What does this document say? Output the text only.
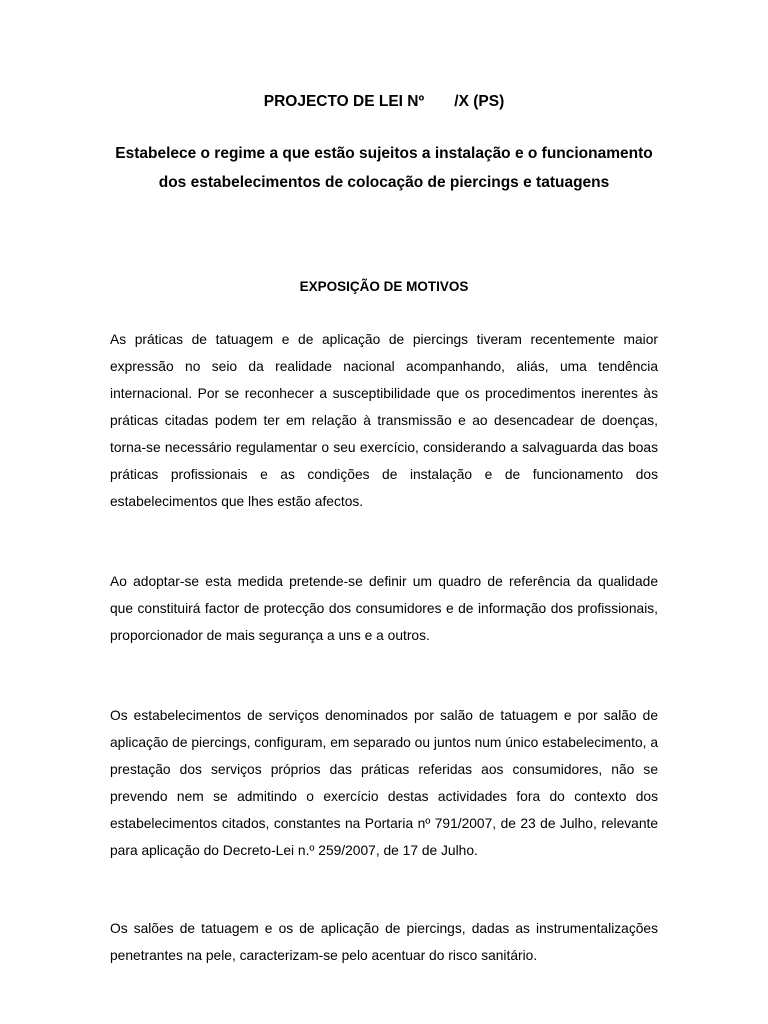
PROJECTO DE LEI Nº       /X (PS)
Estabelece o regime a que estão sujeitos a instalação e o funcionamento dos estabelecimentos de colocação de piercings e tatuagens
EXPOSIÇÃO DE MOTIVOS

As práticas de tatuagem e de aplicação de piercings tiveram recentemente maior expressão no seio da realidade nacional acompanhando, aliás, uma tendência internacional. Por se reconhecer a susceptibilidade que os procedimentos inerentes às práticas citadas podem ter em relação à transmissão e ao desencadear de doenças, torna-se necessário regulamentar o seu exercício, considerando a salvaguarda das boas práticas profissionais e as condições de instalação e de funcionamento dos estabelecimentos que lhes estão afectos.

Ao adoptar-se esta medida pretende-se definir um quadro de referência da qualidade que constituirá factor de protecção dos consumidores e de informação dos profissionais, proporcionador de mais segurança a uns e a outros.

Os estabelecimentos de serviços denominados por salão de tatuagem e por salão de aplicação de piercings, configuram, em separado ou juntos num único estabelecimento, a prestação dos serviços próprios das práticas referidas aos consumidores, não se prevendo nem se admitindo o exercício destas actividades fora do contexto dos estabelecimentos citados, constantes na Portaria nº 791/2007, de 23 de Julho, relevante para aplicação do Decreto-Lei n.º 259/2007, de 17 de Julho.

Os salões de tatuagem e os de aplicação de piercings, dadas as instrumentalizações penetrantes na pele, caracterizam-se pelo acentuar do risco sanitário.
